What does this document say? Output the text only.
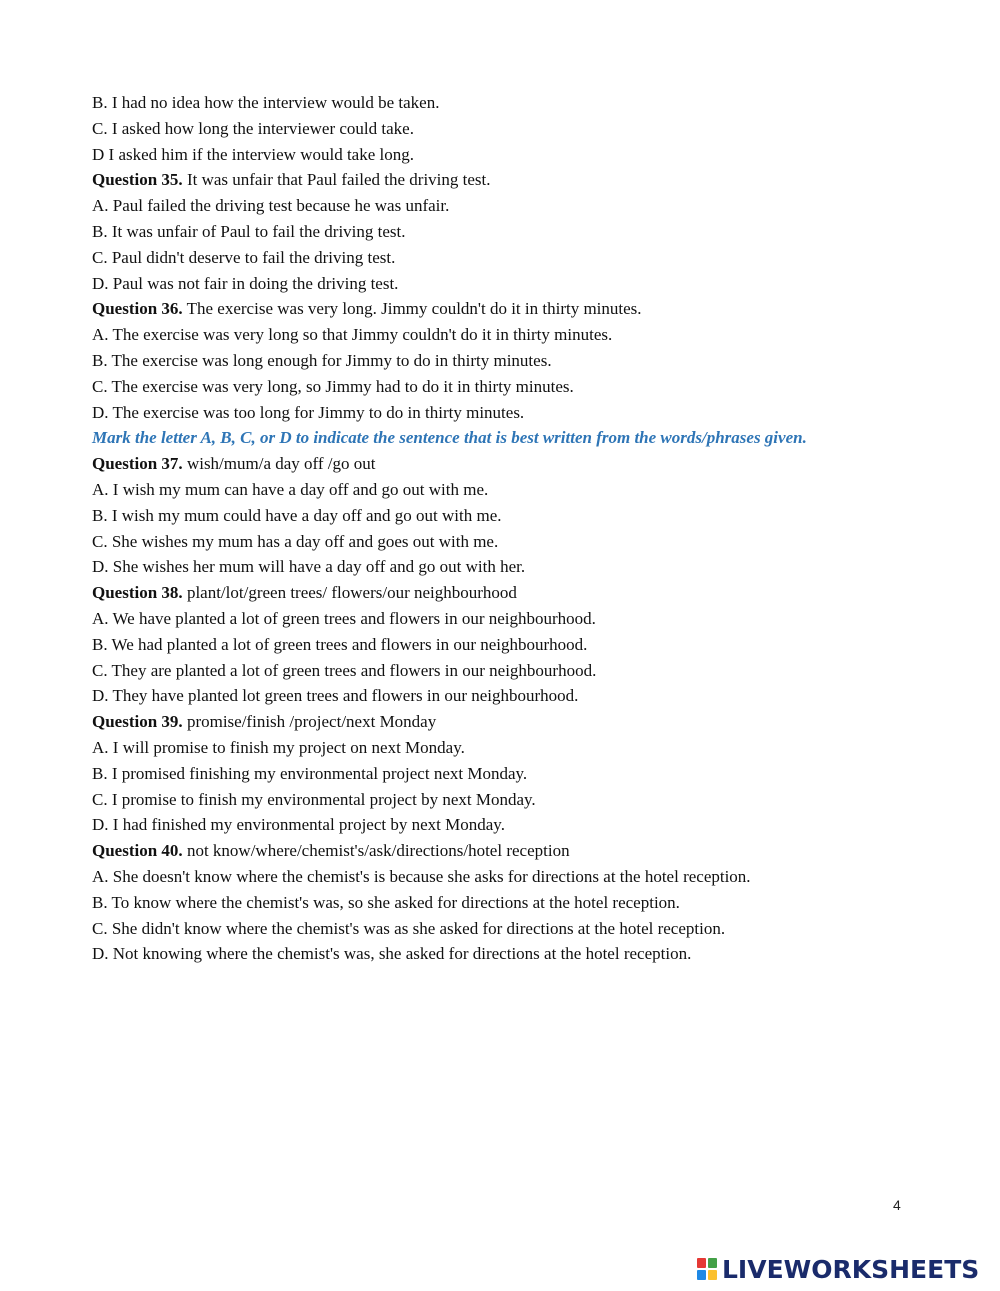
B. I had no idea how the interview would be taken.
C. I asked how long the interviewer could take.
D I asked him if the interview would take long.
Question 35. It was unfair that Paul failed the driving test.
A. Paul failed the driving test because he was unfair.
B. It was unfair of Paul to fail the driving test.
C. Paul didn't deserve to fail the driving test.
D. Paul was not fair in doing the driving test.
Question 36. The exercise was very long. Jimmy couldn't do it in thirty minutes.
A. The exercise was very long so that Jimmy couldn't do it in thirty minutes.
B. The exercise was long enough for Jimmy to do in thirty minutes.
C. The exercise was very long, so Jimmy had to do it in thirty minutes.
D. The exercise was too long for Jimmy to do in thirty minutes.
Mark the letter A, B, C, or D to indicate the sentence that is best written from the words/phrases given.
Question 37. wish/mum/a day off /go out
A. I wish my mum can have a day off and go out with me.
B. I wish my mum could have a day off and go out with me.
C. She wishes my mum has a day off and goes out with me.
D. She wishes her mum will have a day off and go out with her.
Question 38. plant/lot/green trees/ flowers/our neighbourhood
A. We have planted a lot of green trees and flowers in our neighbourhood.
B. We had planted a lot of green trees and flowers in our neighbourhood.
C. They are planted a lot of green trees and flowers in our neighbourhood.
D. They have planted lot green trees and flowers in our neighbourhood.
Question 39. promise/finish /project/next Monday
A. I will promise to finish my project on next Monday.
B. I promised finishing my environmental project next Monday.
C. I promise to finish my environmental project by next Monday.
D. I had finished my environmental project by next Monday.
Question 40. not know/where/chemist's/ask/directions/hotel reception
A. She doesn't know where the chemist's is because she asks for directions at the hotel reception.
B. To know where the chemist's was, so she asked for directions at the hotel reception.
C. She didn't know where the chemist's was as she asked for directions at the hotel reception.
D. Not knowing where the chemist's was, she asked for directions at the hotel reception.
4
LIVEWORKSHEETS
